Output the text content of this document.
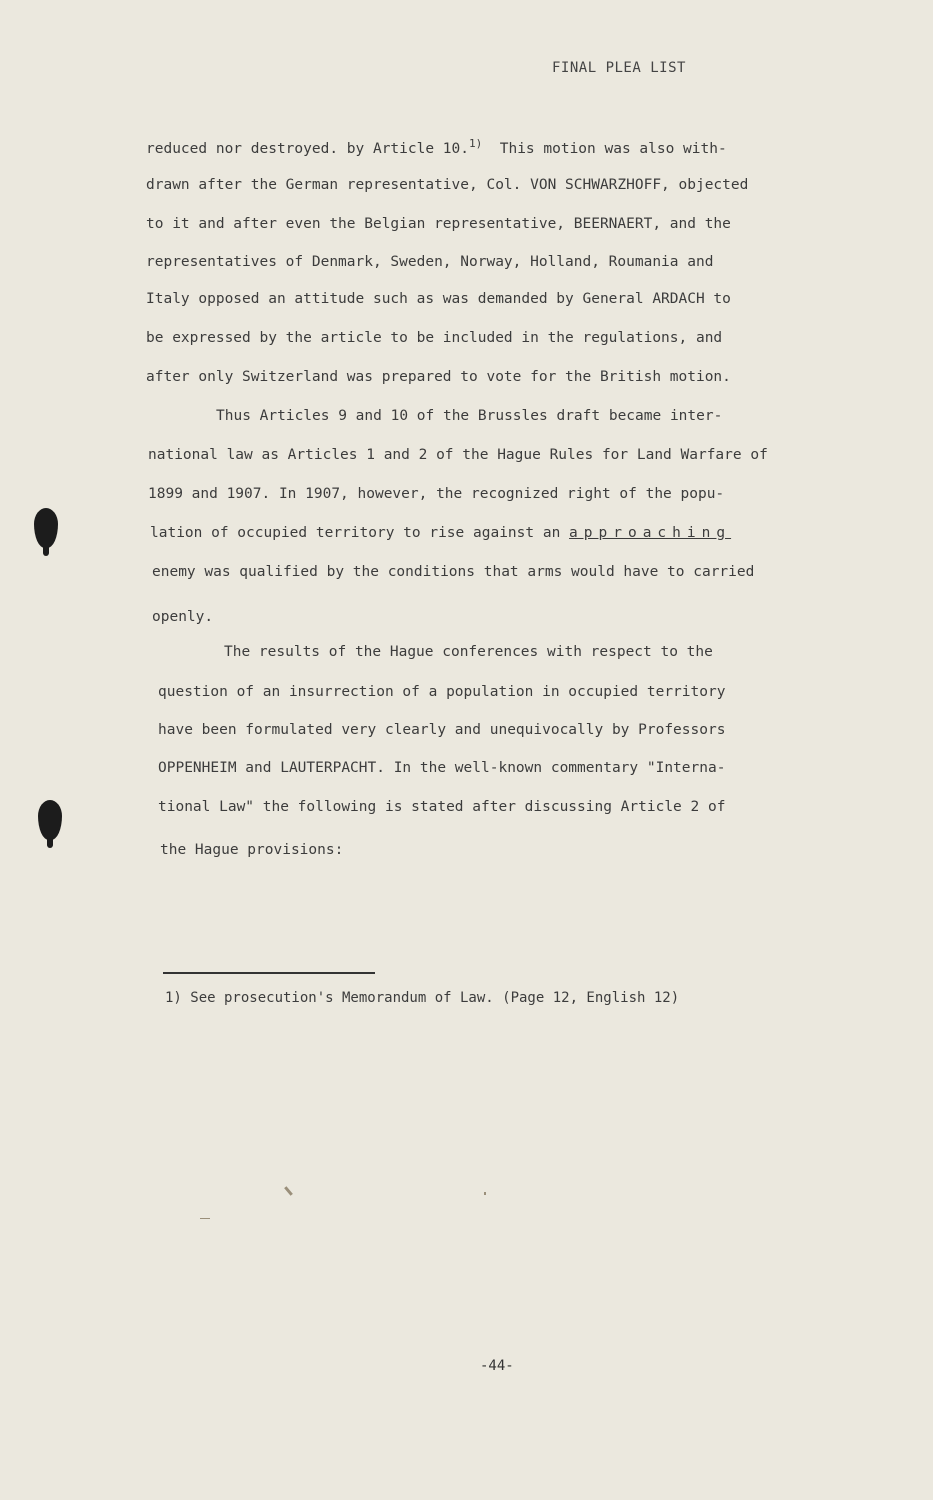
FINAL PLEA LIST
reduced nor destroyed. by Article 10.$^{1)}$ This motion was also with-
drawn after the German representative, Col. VON SCHWARZHOFF, objected
to it and after even the Belgian representative, BEERNAERT, and the
representatives of Denmark, Sweden, Norway, Holland, Roumania and
Italy opposed an attitude such as was demanded by General ARDACH to
be expressed by the article to be included in the regulations, and
after only Switzerland was prepared to vote for the British motion.
Thus Articles 9 and 10 of the Brussles draft became inter-
national law as Articles 1 and 2 of the Hague Rules for Land Warfare of
1899 and 1907. In 1907, however, the recognized right of the popu-
lation of occupied territory to rise against an approaching
enemy was qualified by the conditions that arms would have to carried
openly.
The results of the Hague conferences with respect to the
question of an insurrection of a population in occupied territory
have been formulated very clearly and unequivocally by Professors
OPPENHEIM and LAUTERPACHT. In the well-known commentary "Interna-
tional Law" the following is stated after discussing Article 2 of
the Hague provisions:
1) See prosecution's Memorandum of Law. (Page 12, English 12)
-44-
